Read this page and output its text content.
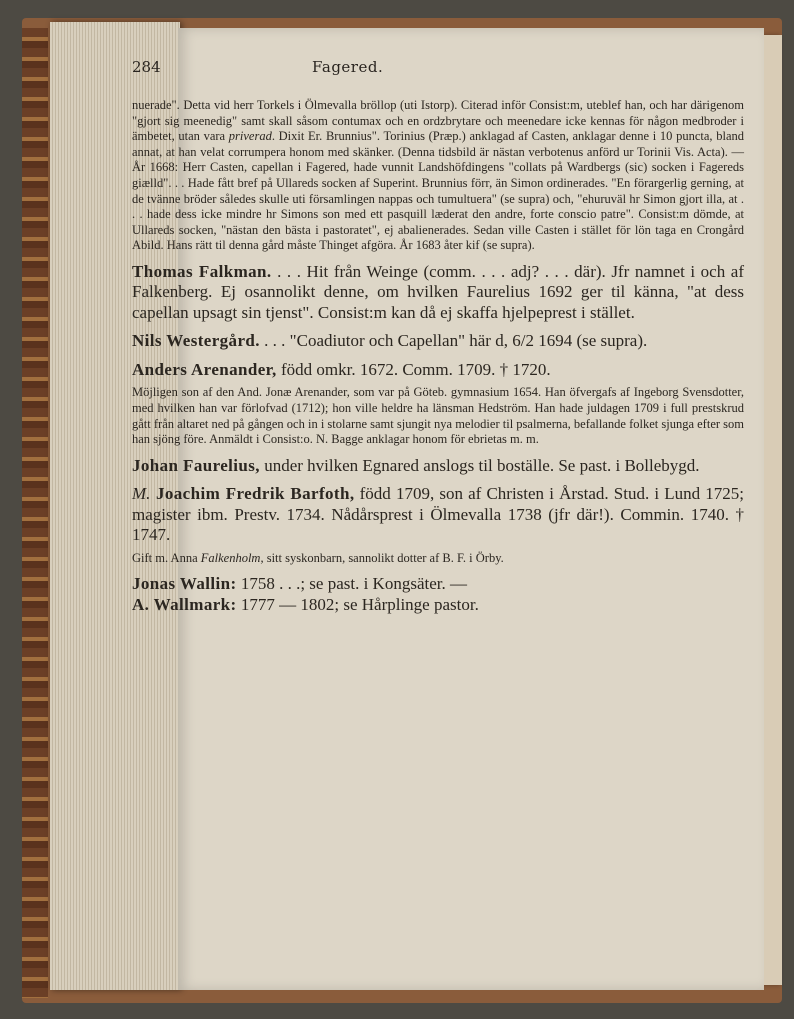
284	Fagered.

nuerade". Detta vid herr Torkels i Ölmevalla bröllop (uti Istorp). Citerad inför Consist:m, uteblef han, och har därigenom "gjort sig meenedig" samt skall såsom contumax och en ordzbrytare och meenedare icke kennas för någon medbroder i ämbetet, utan vara priverad. Dixit Er. Brunnius". Torinius (Præp.) anklagad af Casten, anklagar denne i 10 puncta, bland annat, at han velat corrumpera honom med skänker. (Denna tidsbild är nästan verbotenus anförd ur Torinii Vis. Acta). — År 1668: Herr Casten, capellan i Fagered, hade vunnit Landshöfdingens "collats på Wardbergs (sic) socken i Fagereds giælld". . . Hade fått bref på Ullareds socken af Superint. Brunnius förr, än Simon ordinerades. "En förargerlig gerning, at de tvänne bröder således skulle uti församlingen nappas och tumultuera" (se supra) och, "ehuruväl hr Simon gjort illa, at . . . hade dess icke mindre hr Simons son med ett pasquill læderat den andre, forte conscio patre". Consist:m dömde, at Ullareds socken, "nästan den bästa i pastoratet", ej abalienerades. Sedan ville Casten i stället för lön taga en Crongård Abild. Hans rätt til denna gård måste Thinget afgöra. År 1683 åter kif (se supra).

Thomas Falkman. . . . Hit från Weinge (comm. . . . adj? . . . där). Jfr namnet i och af Falkenberg. Ej osannolikt denne, om hvilken Faurelius 1692 ger til känna, "at dess capellan upsagt sin tjenst". Consist:m kan då ej skaffa hjelpeprest i stället.

Nils Westergård. . . . "Coadiutor och Capellan" här d, 6/2 1694 (se supra).

Anders Arenander, född omkr. 1672. Comm. 1709. † 1720.

Möjligen son af den And. Jonæ Arenander, som var på Göteb. gymnasium 1654. Han öfvergafs af Ingeborg Svensdotter, med hvilken han var förlofvad (1712); hon ville heldre ha länsman Hedström. Han hade juldagen 1709 i full prestskrud gått från altaret ned på gången och in i stolarne samt sjungit nya melodier til psalmerna, befallande folket sjunga efter som han sjöng före. Anmäldt i Consist:o. N. Bagge anklagar honom för ebrietas m. m.

Johan Faurelius, under hvilken Egnared anslogs til boställe. Se past. i Bollebygd.

M. Joachim Fredrik Barfoth, född 1709, son af Christen i Årstad. Stud. i Lund 1725; magister ibm. Prestv. 1734. Nådårsprest i Ölmevalla 1738 (jfr där!). Commin. 1740. † 1747.

Gift m. Anna Falkenholm, sitt syskonbarn, sannolikt dotter af B. F. i Örby.

Jonas Wallin: 1758 . . .; se past. i Kongsäter. —
A. Wallmark: 1777 — 1802; se Hårplinge pastor.
